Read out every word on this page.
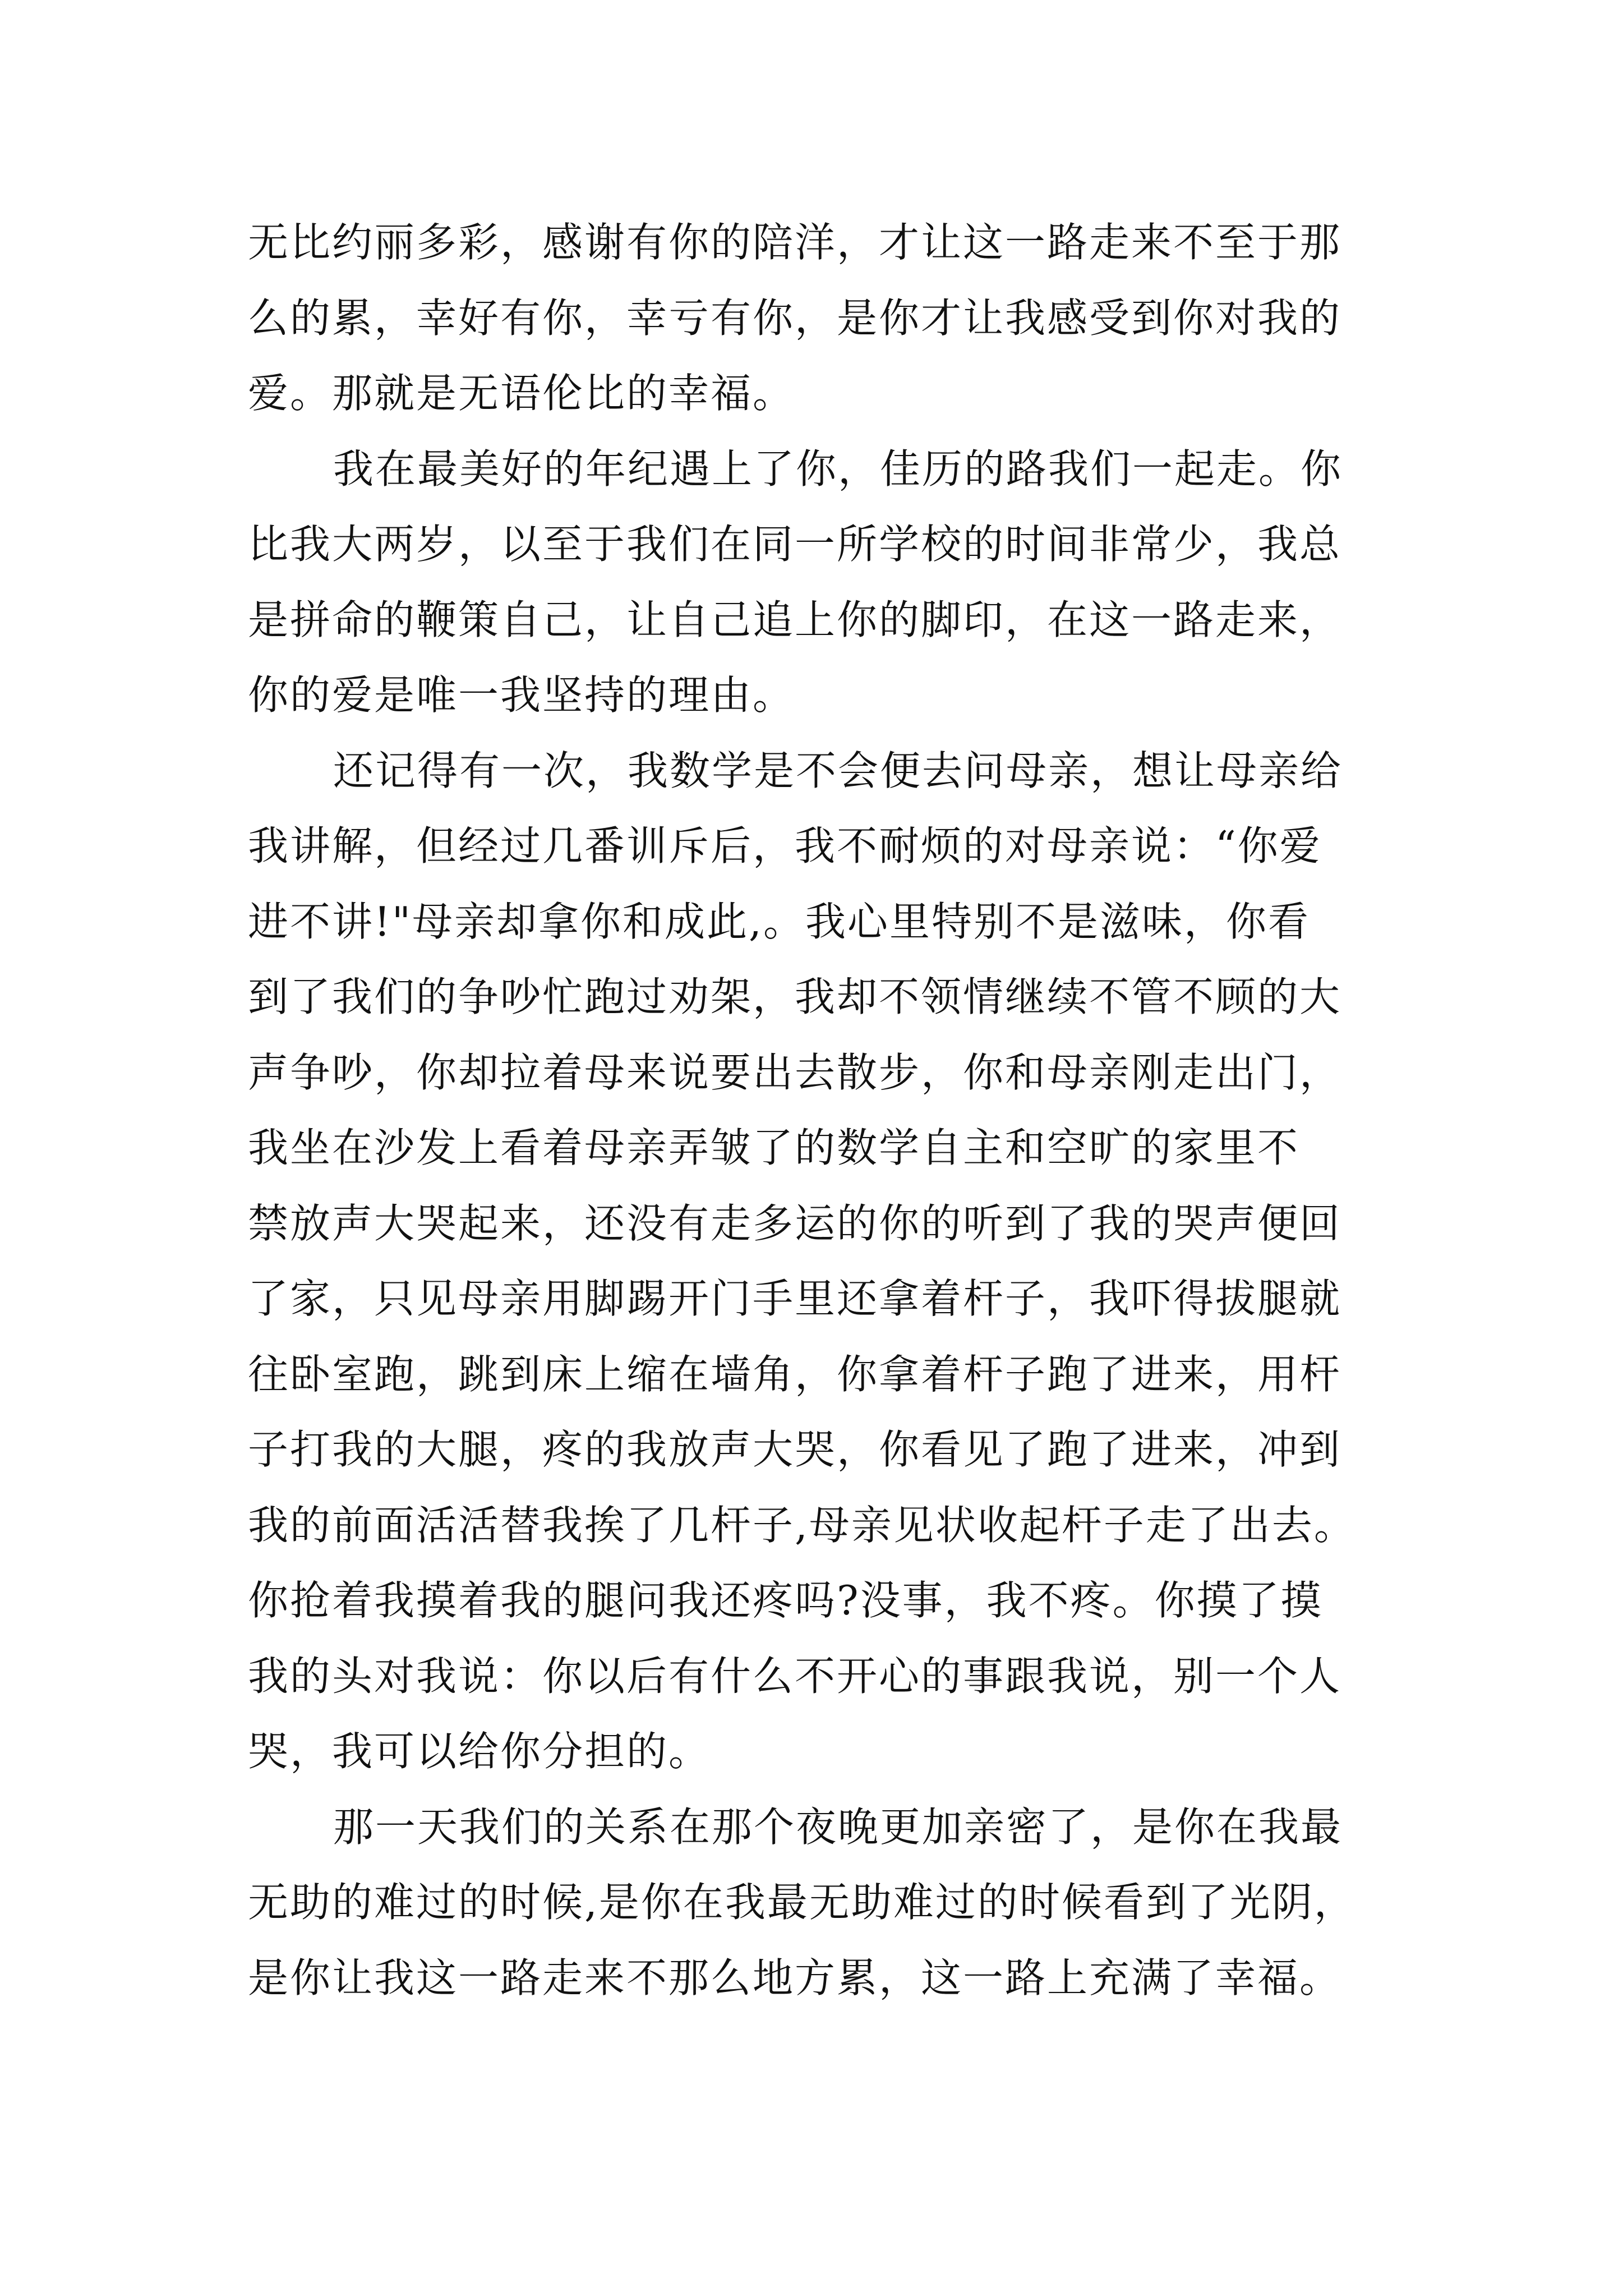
无比约丽多彩，感谢有你的陪洋，才让这一路走来不至于那
么的累，幸好有你，幸亏有你，是你才让我感受到你对我的
爱。那就是无语伦比的幸福。
我在最美好的年纪遇上了你，佳历的路我们一起走。你
比我大两岁，以至于我们在同一所学校的时间非常少，我总
是拼命的鞭策自己，让自己追上你的脚印，在这一路走来，
你的爱是唯一我坚持的理由。
还记得有一次，我数学是不会便去问母亲，想让母亲给
我讲解，但经过几番训斥后，我不耐烦的对母亲说：“你爱
进不讲!"母亲却拿你和成此,。我心里特别不是滋味，你看
到了我们的争吵忙跑过劝架，我却不领情继续不管不顾的大
声争吵，你却拉着母来说要出去散步，你和母亲刚走出门，
我坐在沙发上看着母亲弄皱了的数学自主和空旷的家里不
禁放声大哭起来，还没有走多运的你的听到了我的哭声便回
了家，只见母亲用脚踢开门手里还拿着杆子，我吓得拔腿就
往卧室跑，跳到床上缩在墙角，你拿着杆子跑了进来，用杆
子打我的大腿，疼的我放声大哭，你看见了跑了进来，冲到
我的前面活活替我挨了几杆子,母亲见状收起杆子走了出去。
你抢着我摸着我的腿问我还疼吗?没事，我不疼。你摸了摸
我的头对我说：你以后有什么不开心的事跟我说，别一个人
哭，我可以给你分担的。
那一天我们的关系在那个夜晚更加亲密了，是你在我最
无助的难过的时候,是你在我最无助难过的时候看到了光阴，
是你让我这一路走来不那么地方累，这一路上充满了幸福。
